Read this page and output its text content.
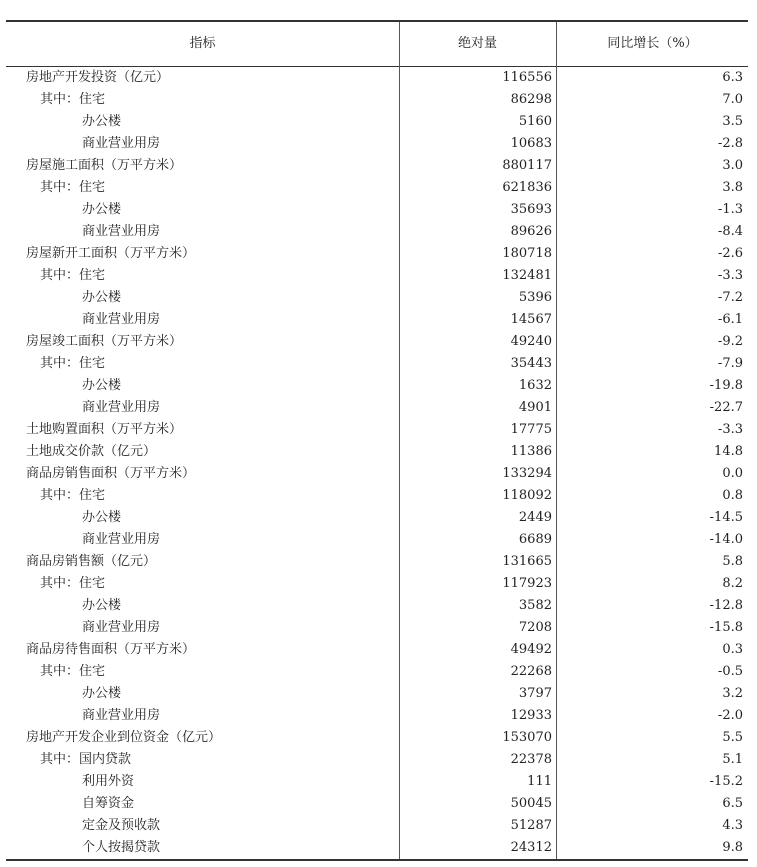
指标	绝对量	同比增长（%）
房地产开发投资（亿元）	116556	6.3
其中：住宅	86298	7.0
办公楼	5160	3.5
商业营业用房	10683	-2.8
房屋施工面积（万平方米）	880117	3.0
其中：住宅	621836	3.8
办公楼	35693	-1.3
商业营业用房	89626	-8.4
房屋新开工面积（万平方米）	180718	-2.6
其中：住宅	132481	-3.3
办公楼	5396	-7.2
商业营业用房	14567	-6.1
房屋竣工面积（万平方米）	49240	-9.2
其中：住宅	35443	-7.9
办公楼	1632	-19.8
商业营业用房	4901	-22.7
土地购置面积（万平方米）	17775	-3.3
土地成交价款（亿元）	11386	14.8
商品房销售面积（万平方米）	133294	0.0
其中：住宅	118092	0.8
办公楼	2449	-14.5
商业营业用房	6689	-14.0
商品房销售额（亿元）	131665	5.8
其中：住宅	117923	8.2
办公楼	3582	-12.8
商业营业用房	7208	-15.8
商品房待售面积（万平方米）	49492	0.3
其中：住宅	22268	-0.5
办公楼	3797	3.2
商业营业用房	12933	-2.0
房地产开发企业到位资金（亿元）	153070	5.5
其中：国内贷款	22378	5.1
利用外资	111	-15.2
自筹资金	50045	6.5
定金及预收款	51287	4.3
个人按揭贷款	24312	9.8
